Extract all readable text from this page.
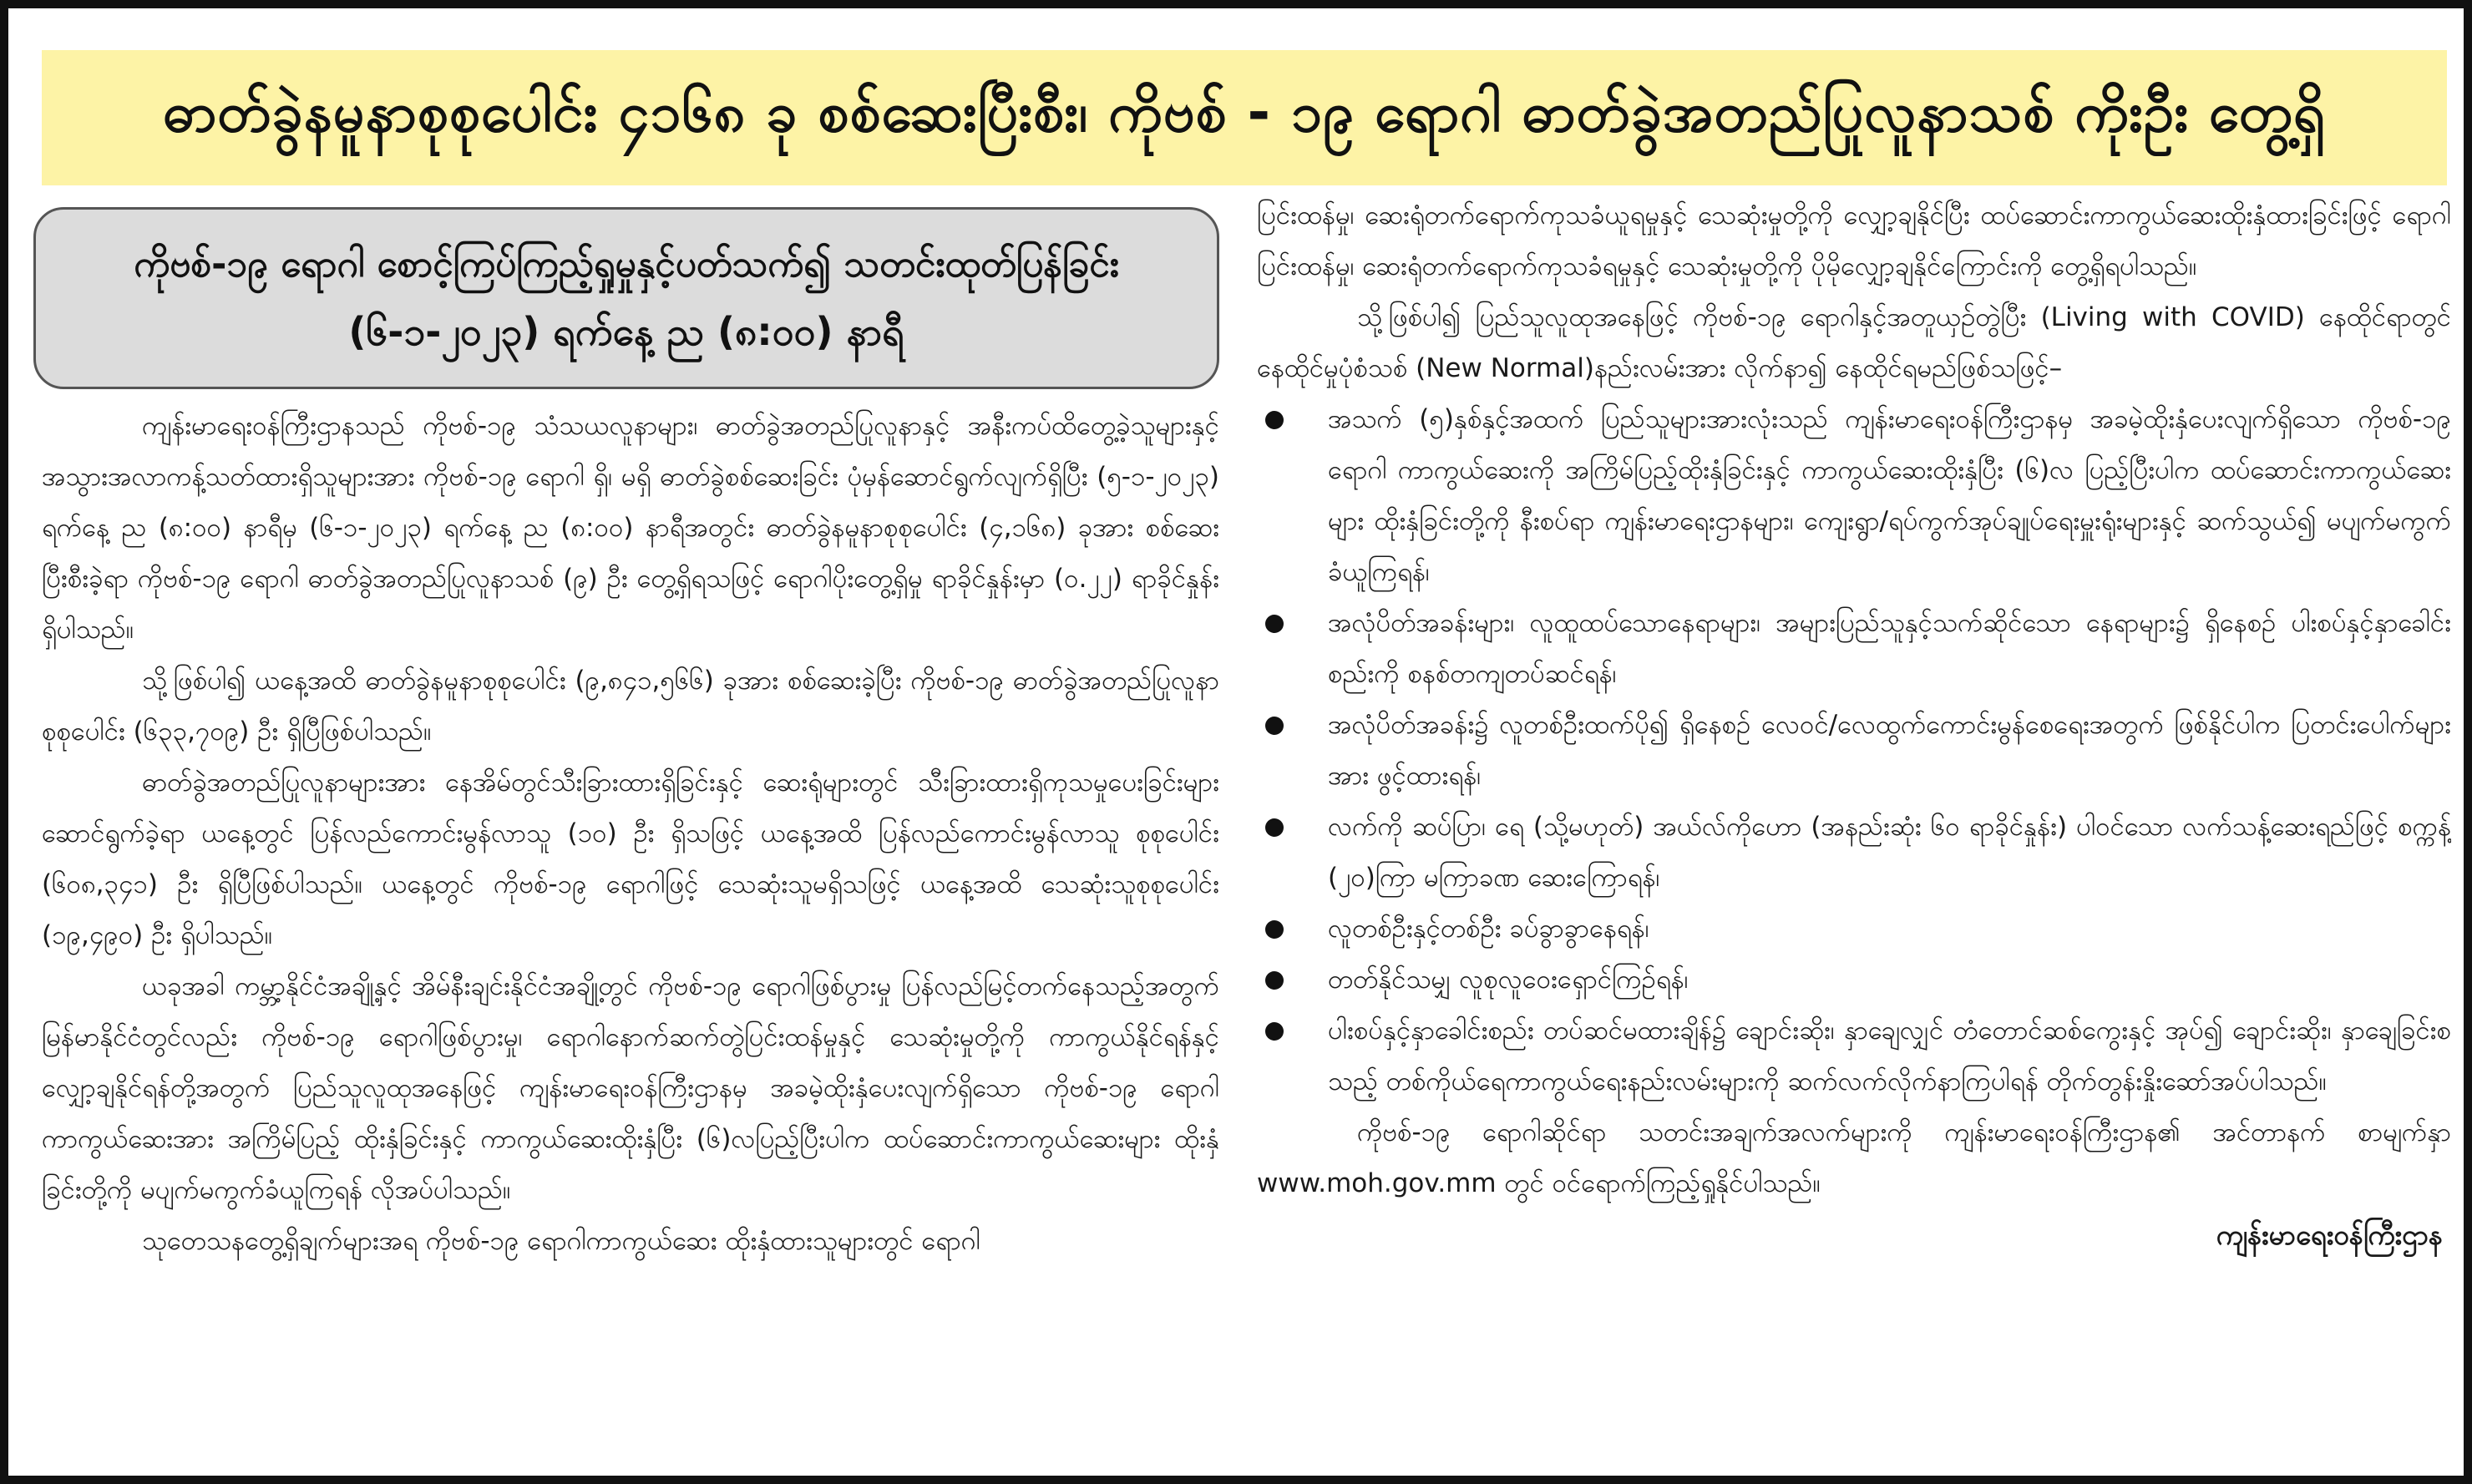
ဓာတ်ခွဲနမူနာစုစုပေါင်း ၄၁၆၈ ခု စစ်ဆေးပြီးစီး၊ ကိုဗစ် - ၁၉ ရောဂါ ဓာတ်ခွဲအတည်ပြုလူနာသစ် ကိုးဦး တွေ့ရှိ
ကိုဗစ်-၁၉ ရောဂါ စောင့်ကြပ်ကြည့်ရှုမှုနှင့်ပတ်သက်၍ သတင်းထုတ်ပြန်ခြင်း
(၆-၁-၂၀၂၃) ရက်နေ့ ည (၈:၀၀) နာရီ

ကျန်းမာရေးဝန်ကြီးဌာနသည် ကိုဗစ်-၁၉ သံသယလူနာများ၊ ဓာတ်ခွဲအတည်ပြုလူနာနှင့် အနီးကပ်ထိတွေ့ခဲ့သူများနှင့် အသွားအလာကန့်သတ်ထားရှိသူများအား ကိုဗစ်-၁၉ ရောဂါ ရှိ၊ မရှိ ဓာတ်ခွဲစစ်ဆေးခြင်း ပုံမှန်ဆောင်ရွက်လျက်ရှိပြီး (၅-၁-၂၀၂၃) ရက်နေ့ ည (၈:၀၀) နာရီမှ (၆-၁-၂၀၂၃) ရက်နေ့ ည (၈:၀၀) နာရီအတွင်း ဓာတ်ခွဲနမူနာစုစုပေါင်း (၄,၁၆၈) ခုအား စစ်ဆေးပြီးစီးခဲ့ရာ ကိုဗစ်-၁၉ ရောဂါ ဓာတ်ခွဲအတည်ပြုလူနာသစ် (၉) ဦး တွေ့ရှိရသဖြင့် ရောဂါပိုးတွေ့ရှိမှု ရာခိုင်နှုန်းမှာ (၀.၂၂) ရာခိုင်နှုန်းရှိပါသည်။

သို့ဖြစ်ပါ၍ ယနေ့အထိ ဓာတ်ခွဲနမူနာစုစုပေါင်း (၉,၈၄၁,၅၆၆) ခုအား စစ်ဆေးခဲ့ပြီး ကိုဗစ်-၁၉ ဓာတ်ခွဲအတည်ပြုလူနာ စုစုပေါင်း (၆၃၃,၇၀၉) ဦး ရှိပြီဖြစ်ပါသည်။

ဓာတ်ခွဲအတည်ပြုလူနာများအား နေအိမ်တွင်သီးခြားထားရှိခြင်းနှင့် ဆေးရုံများတွင် သီးခြားထားရှိကုသမှုပေးခြင်းများ ဆောင်ရွက်ခဲ့ရာ ယနေ့တွင် ပြန်လည်ကောင်းမွန်လာသူ (၁၀) ဦး ရှိသဖြင့် ယနေ့အထိ ပြန်လည်ကောင်းမွန်လာသူ စုစုပေါင်း (၆၀၈,၃၄၁) ဦး ရှိပြီဖြစ်ပါသည်။ ယနေ့တွင် ကိုဗစ်-၁၉ ရောဂါဖြင့် သေဆုံးသူမရှိသဖြင့် ယနေ့အထိ သေဆုံးသူစုစုပေါင်း (၁၉,၄၉၀) ဦး ရှိပါသည်။

ယခုအခါ ကမ္ဘာ့နိုင်ငံအချို့နှင့် အိမ်နီးချင်းနိုင်ငံအချို့တွင် ကိုဗစ်-၁၉ ရောဂါဖြစ်ပွားမှု ပြန်လည်မြင့်တက်နေသည့်အတွက် မြန်မာနိုင်ငံတွင်လည်း ကိုဗစ်-၁၉ ရောဂါဖြစ်ပွားမှု၊ ရောဂါနောက်ဆက်တွဲပြင်းထန်မှုနှင့် သေဆုံးမှုတို့ကို ကာကွယ်နိုင်ရန်နှင့် လျှော့ချနိုင်ရန်တို့အတွက် ပြည်သူလူထုအနေဖြင့် ကျန်းမာရေးဝန်ကြီးဌာနမှ အခမဲ့ထိုးနှံပေးလျက်ရှိသော ကိုဗစ်-၁၉ ရောဂါ ကာကွယ်ဆေးအား အကြိမ်ပြည့် ထိုးနှံခြင်းနှင့် ကာကွယ်ဆေးထိုးနှံပြီး (၆)လပြည့်ပြီးပါက ထပ်ဆောင်းကာကွယ်ဆေးများ ထိုးနှံခြင်းတို့ကို မပျက်မကွက်ခံယူကြရန် လိုအပ်ပါသည်။

သုတေသနတွေ့ရှိချက်များအရ ကိုဗစ်-၁၉ ရောဂါကာကွယ်ဆေး ထိုးနှံထားသူများတွင် ရောဂါ

ပြင်းထန်မှု၊ ဆေးရုံတက်ရောက်ကုသခံယူရမှုနှင့် သေဆုံးမှုတို့ကို လျှော့ချနိုင်ပြီး ထပ်ဆောင်းကာကွယ်ဆေးထိုးနှံထားခြင်းဖြင့် ရောဂါပြင်းထန်မှု၊ ဆေးရုံတက်ရောက်ကုသခံရမှုနှင့် သေဆုံးမှုတို့ကို ပိုမိုလျှော့ချနိုင်ကြောင်းကို တွေ့ရှိရပါသည်။

သို့ဖြစ်ပါ၍ ပြည်သူလူထုအနေဖြင့် ကိုဗစ်-၁၉ ရောဂါနှင့်အတူယှဉ်တွဲပြီး (Living with COVID) နေထိုင်ရာတွင် နေထိုင်မှုပုံစံသစ် (New Normal)နည်းလမ်းအား လိုက်နာ၍ နေထိုင်ရမည်ဖြစ်သဖြင့်–

အသက် (၅)နှစ်နှင့်အထက် ပြည်သူများအားလုံးသည် ကျန်းမာရေးဝန်ကြီးဌာနမှ အခမဲ့ထိုးနှံပေးလျက်ရှိသော ကိုဗစ်-၁၉ ရောဂါ ကာကွယ်ဆေးကို အကြိမ်ပြည့်ထိုးနှံခြင်းနှင့် ကာကွယ်ဆေးထိုးနှံပြီး (၆)လ ပြည့်ပြီးပါက ထပ်ဆောင်းကာကွယ်ဆေးများ ထိုးနှံခြင်းတို့ကို နီးစပ်ရာ ကျန်းမာရေးဌာနများ၊ ကျေးရွာ/ရပ်ကွက်အုပ်ချုပ်ရေးမှူးရုံးများနှင့် ဆက်သွယ်၍ မပျက်မကွက်ခံယူကြရန်၊
အလုံပိတ်အခန်းများ၊ လူထူထပ်သောနေရာများ၊ အများပြည်သူနှင့်သက်ဆိုင်သော နေရာများ၌ ရှိနေစဉ် ပါးစပ်နှင့်နှာခေါင်းစည်းကို စနစ်တကျတပ်ဆင်ရန်၊
အလုံပိတ်အခန်း၌ လူတစ်ဦးထက်ပို၍ ရှိနေစဉ် လေဝင်/လေထွက်ကောင်းမွန်စေရေးအတွက် ဖြစ်နိုင်ပါက ပြတင်းပေါက်များအား ဖွင့်ထားရန်၊
လက်ကို ဆပ်ပြာ၊ ရေ (သို့မဟုတ်) အယ်လ်ကိုဟော (အနည်းဆုံး ၆၀ ရာခိုင်နှုန်း) ပါဝင်သော လက်သန့်ဆေးရည်ဖြင့် စက္ကန့် (၂၀)ကြာ မကြာခဏ ဆေးကြောရန်၊
လူတစ်ဦးနှင့်တစ်ဦး ခပ်ခွာခွာနေရန်၊
တတ်နိုင်သမျှ လူစုလူဝေးရှောင်ကြဉ်ရန်၊
ပါးစပ်နှင့်နှာခေါင်းစည်း တပ်ဆင်မထားချိန်၌ ချောင်းဆိုး၊ နှာချေလျှင် တံတောင်ဆစ်ကွေးနှင့် အုပ်၍ ချောင်းဆိုး၊ နှာချေခြင်းစသည့် တစ်ကိုယ်ရေကာကွယ်ရေးနည်းလမ်းများကို ဆက်လက်လိုက်နာကြပါရန် တိုက်တွန်းနှိုးဆော်အပ်ပါသည်။

ကိုဗစ်-၁၉ ရောဂါဆိုင်ရာ သတင်းအချက်အလက်များကို ကျန်းမာရေးဝန်ကြီးဌာန၏ အင်တာနက် စာမျက်နှာ www.moh.gov.mm တွင် ဝင်ရောက်ကြည့်ရှုနိုင်ပါသည်။

ကျန်းမာရေးဝန်ကြီးဌာန
